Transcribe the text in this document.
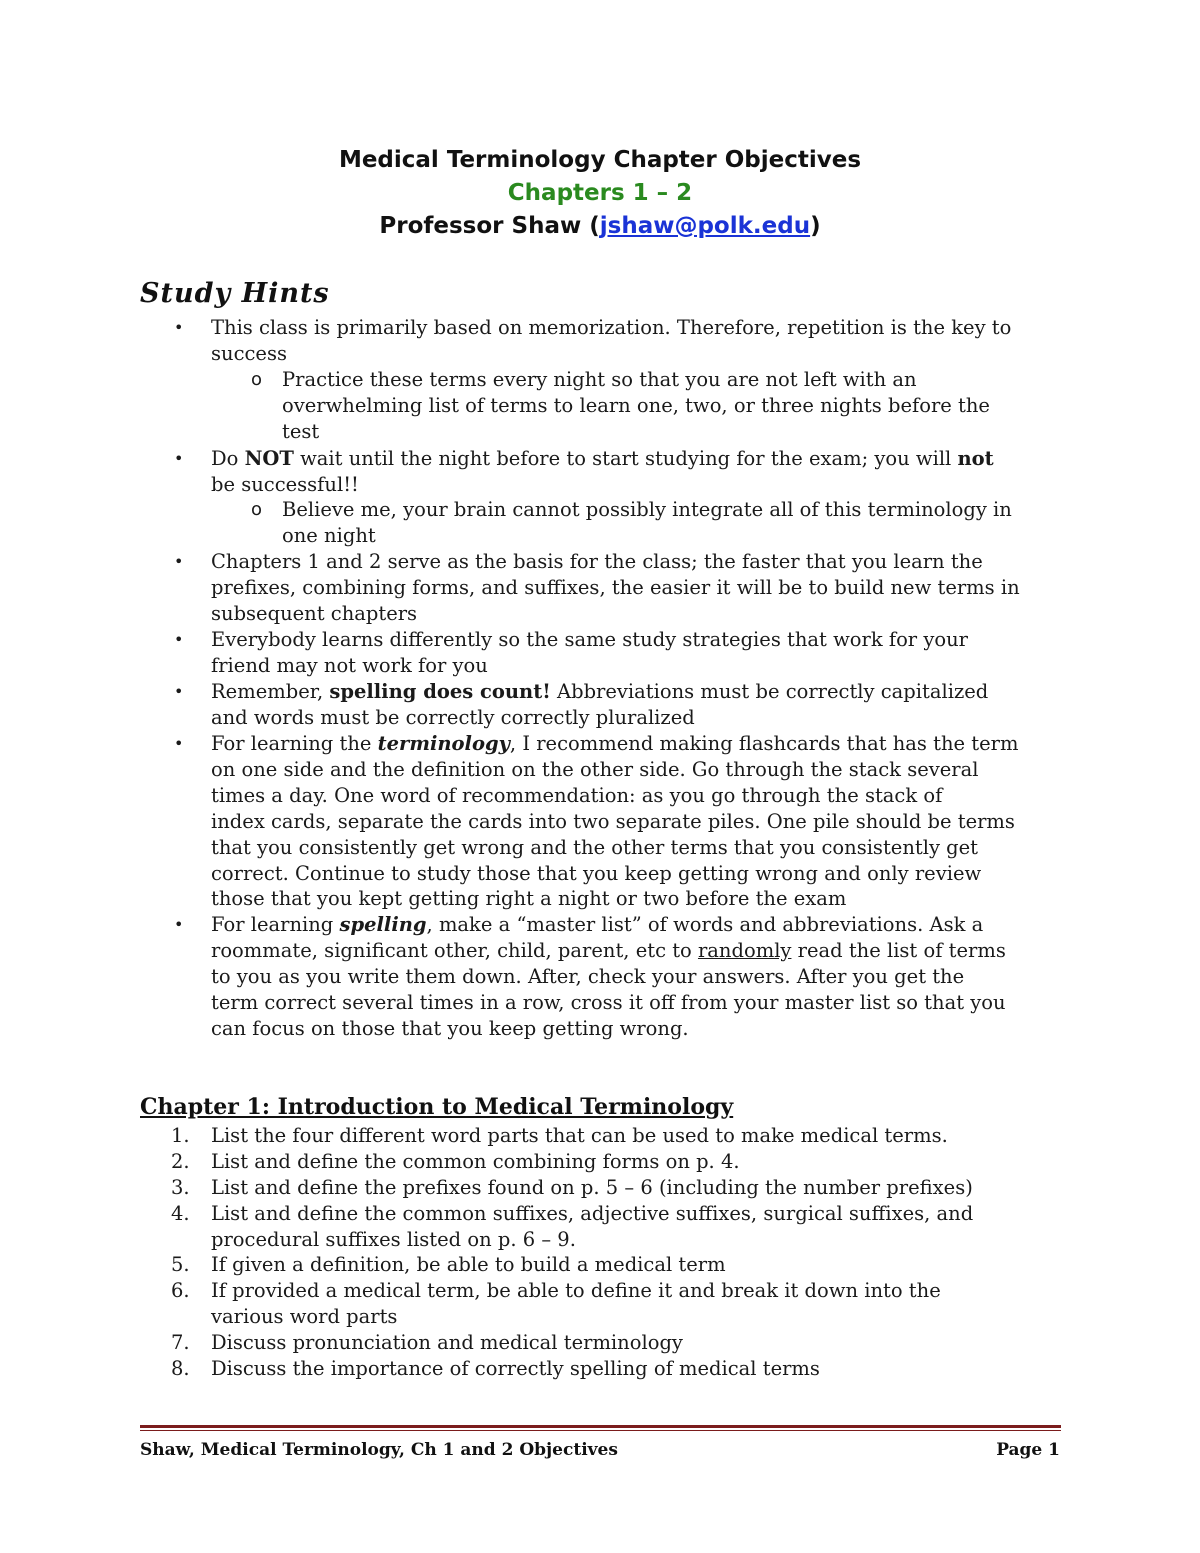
Medical Terminology Chapter Objectives
Chapters 1 – 2
Professor Shaw (jshaw@polk.edu)
Study Hints
• This class is primarily based on memorization. Therefore, repetition is the key to
success
o Practice these terms every night so that you are not left with an
overwhelming list of terms to learn one, two, or three nights before the
test
• Do NOT wait until the night before to start studying for the exam; you will not
be successful!!
o Believe me, your brain cannot possibly integrate all of this terminology in
one night
• Chapters 1 and 2 serve as the basis for the class; the faster that you learn the
prefixes, combining forms, and suffixes, the easier it will be to build new terms in
subsequent chapters
• Everybody learns differently so the same study strategies that work for your
friend may not work for you
• Remember, spelling does count! Abbreviations must be correctly capitalized
and words must be correctly correctly pluralized
• For learning the terminology, I recommend making flashcards that has the term
on one side and the definition on the other side. Go through the stack several
times a day. One word of recommendation: as you go through the stack of
index cards, separate the cards into two separate piles. One pile should be terms
that you consistently get wrong and the other terms that you consistently get
correct. Continue to study those that you keep getting wrong and only review
those that you kept getting right a night or two before the exam
• For learning spelling, make a “master list” of words and abbreviations. Ask a
roommate, significant other, child, parent, etc to randomly read the list of terms
to you as you write them down. After, check your answers. After you get the
term correct several times in a row, cross it off from your master list so that you
can focus on those that you keep getting wrong.
Chapter 1: Introduction to Medical Terminology
1.	List the four different word parts that can be used to make medical terms.
2.	List and define the common combining forms on p. 4.
3.	List and define the prefixes found on p. 5 – 6 (including the number prefixes)
4.	List and define the common suffixes, adjective suffixes, surgical suffixes, and
procedural suffixes listed on p. 6 – 9.
5.	If given a definition, be able to build a medical term
6.	If provided a medical term, be able to define it and break it down into the
various word parts
7.	Discuss pronunciation and medical terminology
8.	Discuss the importance of correctly spelling of medical terms
Shaw, Medical Terminology, Ch 1 and 2 Objectives	Page 1
